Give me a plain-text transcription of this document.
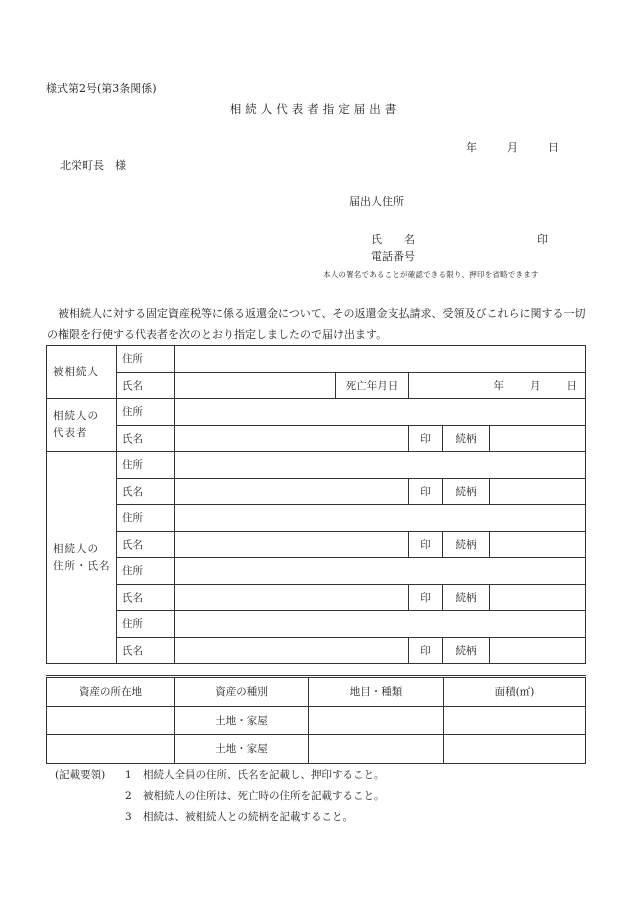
様式第2号(第3条関係)
相続人代表者指定届出書
年	月	日
北栄町長　様
届出人住所
氏　　名	印
電話番号
本人の署名であることが確認できる限り、押印を省略できます
被相続人に対する固定資産税等に係る返還金について、その返還金支払請求、受領及びこれらに関する一切の権限を行使する代表者を次のとおり指定しましたので届け出ます。
被相続人	住所					
	氏名		死亡年月日	年 月 日		
相続人の
代表者	住所					
	氏名			印	続柄	
相続人の
住所・氏名	住所					
	氏名			印	続柄	
	住所					
	氏名			印	続柄	
	住所					
	氏名			印	続柄	
	住所					
	氏名			印	続柄	
資産の所在地	資産の種別	地目・種類	面積(㎡)
	土地・家屋		
	土地・家屋		
(記載要領) 1 相続人全員の住所、氏名を記載し、押印すること。
2 被相続人の住所は、死亡時の住所を記載すること。
3 相続は、被相続人との続柄を記載すること。
